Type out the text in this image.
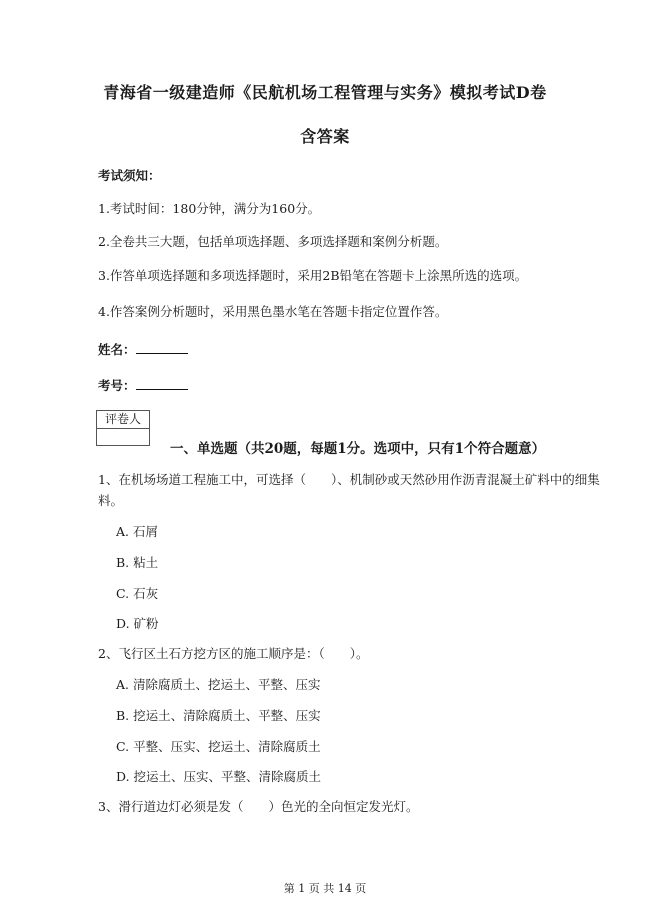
青海省一级建造师《民航机场工程管理与实务》模拟考试D卷
含答案
考试须知：
1.考试时间：180分钟，满分为160分。
2.全卷共三大题，包括单项选择题、多项选择题和案例分析题。
3.作答单项选择题和多项选择题时，采用2B铅笔在答题卡上涂黑所选的选项。
4.作答案例分析题时，采用黑色墨水笔在答题卡指定位置作答。
姓名：
考号：
评卷人
一、单选题（共20题，每题1分。选项中，只有1个符合题意）
1、在机场场道工程施工中，可选择（　　）、机制砂或天然砂用作沥青混凝土矿料中的细集
料。
A. 石屑
B. 粘土
C. 石灰
D. 矿粉
2、飞行区土石方挖方区的施工顺序是：（　　）。
A. 清除腐质土、挖运土、平整、压实
B. 挖运土、清除腐质土、平整、压实
C. 平整、压实、挖运土、清除腐质土
D. 挖运土、压实、平整、清除腐质土
3、滑行道边灯必须是发（　　）色光的全向恒定发光灯。
第 1 页 共 14 页
